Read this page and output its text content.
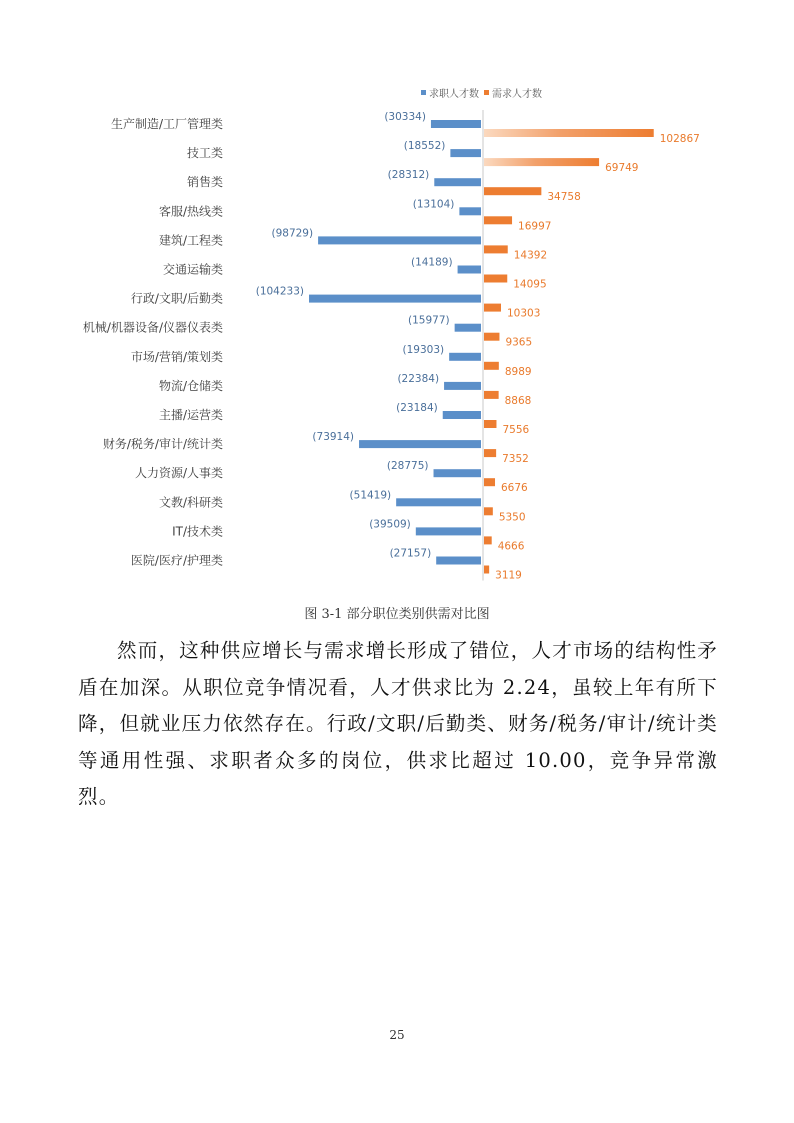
求职人才数 需求人才数
生产制造/工厂管理类	(30334)
102867
技工类	(18552)
69749
销售类	(28312)
34758
客服/热线类	(13104)
16997
建筑/工程类	(98729)
14392
交通运输类	(14189)
14095
行政/文职/后勤类	(104233)
10303
机械/机器设备/仪器仪表类	(15977)
9365
市场/营销/策划类	(19303)
8989
物流/仓储类	(22384)
8868
主播/运营类	(23184)
7556
财务/税务/审计/统计类	(73914)
7352
人力资源/人事类	(28775)
6676
文教/科研类	(51419)
5350
IT/技术类	(39509)
4666
医院/医疗/护理类	(27157)
3119
图 3-1 部分职位类别供需对比图

然而，这种供应增长与需求增长形成了错位，人才市场的结构性矛盾在加深。从职位竞争情况看，人才供求比为 2.24，虽较上年有所下降，但就业压力依然存在。行政/文职/后勤类、财务/税务/审计/统计类等通用性强、求职者众多的岗位，供求比超过 10.00，竞争异常激烈。

25
